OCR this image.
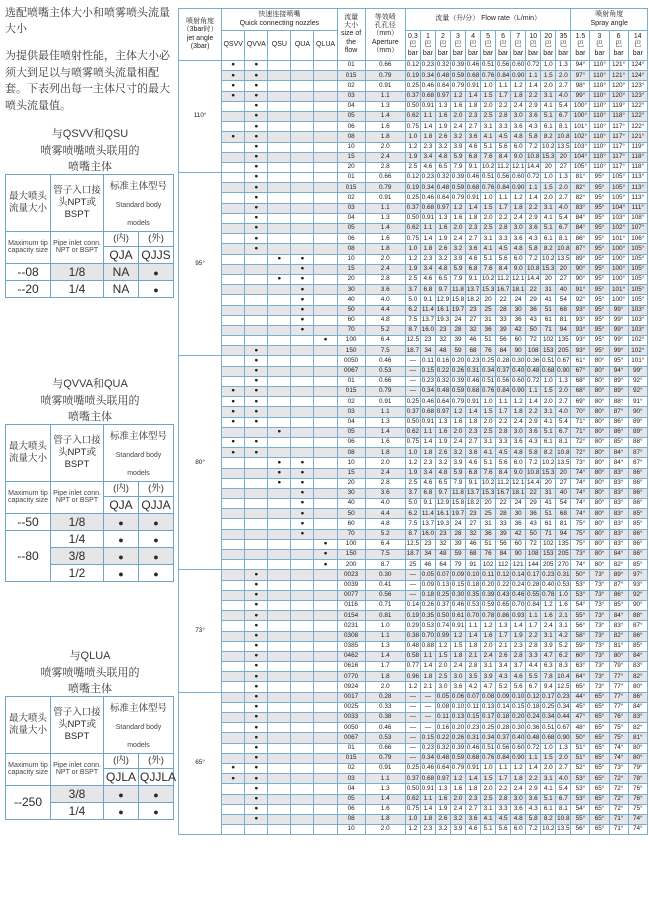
选配喷嘴主体大小和喷雾喷头流量大小
为提供最佳喷射性能，主体大小必须大到足以与喷雾喷头流量相配套。下表列出每一主体尺寸的最大喷头流量值。
与QSVV和QSU
喷雾喷嘴喷头联用的
喷嘴主体
最大喷头流量大小	管子入口接头NPT或BSPT	标准主体型号
Standard body models	
Maximum tip capacity size	Pipe inlet conn. NPT or BSPT	(内)	(外)
		QJA	QJJS
--08	1/8	NA	●
--20	1/4	NA	●
与QVVA和QUA
喷雾喷嘴喷头联用的
喷嘴主体
最大喷头流量大小	管子入口接头NPT或BSPT	标准主体型号
Standard body models	
Maximum tip capacity size	Pipe inlet conn. NPT or BSPT	(内)	(外)
		QJA	QJJA
--50	1/8	●	●
--80	1/4	●	●
	3/8	●	●
	1/2	●	●
与QLUA
喷雾喷嘴喷头联用的
喷嘴主体
最大喷头流量大小	管子入口接头NPT或BSPT	标准主体型号
Standard body models	
Maximum tip capacity size	Pipe inlet conn. NPT or BSPT	(内)	(外)
		QJLA	QJJLA
--250	3/8	●	●
	1/4	●	●
喷射角度
（3bar时）
jet angle
(3bar)	快速连接喷嘴
Quick connecting nozzles					流量
大小
size of
the
flow	等效喷
孔孔径
（mm）
Aperture
（mm）	流量（升/分） Flow rate（L/min）											喷射角度
Spray angle			
	QSVV	QVVA	QSU	QUA	QLUA			0.3
巴
bar	1
巴
bar	2
巴
bar	3
巴
bar	4
巴
bar	5
巴
bar	6
巴
bar	7
巴
bar	10
巴
bar	20
巴
bar	35
巴
bar	1.5
巴
bar	3
巴
bar	6
巴
bar	14
巴
bar
110°	●	●				01	0.66	0.12	0.23	0.32	0.39	0.46	0.51	0.56	0.60	0.72	1.0	1.3	94°	110°	121°	124°
	●	●				015	0.79	0.19	0.34	0.48	0.59	0.68	0.76	0.84	0.90	1.1	1.5	2.0	97°	110°	121°	124°
	●	●				02	0.91	0.25	0.46	0.64	0.79	0.91	1.0	1.1	1.2	1.4	2.0	2.7	98°	110°	120°	123°
	●	●				03	1.1	0.37	0.68	0.97	1.2	1.4	1.5	1.7	1.8	2.2	3.1	4.0	99°	110°	120°	123°
		●				04	1.3	0.50	0.91	1.3	1.6	1.8	2.0	2.2	2.4	2.9	4.1	5.4	100°	110°	119°	122°
		●				05	1.4	0.62	1.1	1.6	2.0	2.3	2.5	2.8	3.0	3.6	5.1	6.7	100°	110°	118°	122°
		●				06	1.6	0.75	1.4	1.9	2.4	2.7	3.1	3.3	3.6	4.3	6.1	8.1	101°	110°	117°	122°
	●	●				08	1.8	1.0	1.8	2.6	3.2	3.6	4.1	4.5	4.8	5.8	8.2	10.8	102°	110°	117°	121°
		●				10	2.0	1.2	2.3	3.2	3.9	4.6	5.1	5.6	6.0	7.2	10.2	13.5	103°	110°	117°	119°
		●				15	2.4	1.9	3.4	4.8	5.9	6.8	7.6	8.4	9.0	10.8	15.3	20	104°	110°	117°	118°
		●				20	2.8	2.5	4.6	6.5	7.9	9.1	10.2	11.2	12.1	14.4	20	27	105°	110°	117°	118°
95°		●				01	0.66	0.12	0.23	0.32	0.39	0.46	0.51	0.56	0.60	0.72	1.0	1.3	81°	95°	105°	113°
		●				015	0.79	0.19	0.34	0.48	0.59	0.68	0.76	0.84	0.90	1.1	1.5	2.0	82°	95°	105°	113°
		●				02	0.91	0.25	0.46	0.64	0.79	0.91	1.0	1.1	1.2	1.4	2.0	2.7	82°	95°	105°	113°
		●				03	1.1	0.37	0.68	0.97	1.2	1.4	1.5	1.7	1.8	2.2	3.1	4.0	83°	95°	104°	111°
		●				04	1.3	0.50	0.91	1.3	1.6	1.8	2.0	2.2	2.4	2.9	4.1	5.4	84°	95°	103°	108°
		●				05	1.4	0.62	1.1	1.6	2.0	2.3	2.5	2.8	3.0	3.6	5.1	6.7	84°	95°	102°	107°
		●				06	1.6	0.75	1.4	1.9	2.4	2.7	3.1	3.3	3.6	4.3	6.1	8.1	86°	95°	101°	106°
		●				08	1.8	1.0	1.8	2.6	3.2	3.6	4.1	4.5	4.8	5.8	8.2	10.8	87°	95°	100°	105°
			●	●		10	2.0	1.2	2.3	3.2	3.9	4.6	5.1	5.6	6.0	7.2	10.2	13.5	89°	95°	100°	105°
				●		15	2.4	1.9	3.4	4.8	5.9	6.8	7.6	8.4	9.0	10.8	15.3	20	90°	95°	100°	105°
			●	●		20	2.8	2.5	4.6	6.5	7.9	9.1	10.2	11.2	12.1	14.4	20	27	90°	95°	100°	105°
				●		30	3.6	3.7	6.8	9.7	11.8	13.7	15.3	16.7	18.1	22	31	40	91°	95°	101°	105°
				●		40	4.0	5.0	9.1	12.9	15.8	18.2	20	22	24	29	41	54	92°	95°	100°	105°
				●		50	4.4	6.2	11.4	16.1	19.7	23	25	28	30	36	51	68	93°	95°	99°	103°
				●		60	4.8	7.5	13.7	19.3	24	27	31	33	36	43	61	81	93°	95°	99°	103°
				●		70	5.2	8.7	16.0	23	28	32	36	39	42	50	71	94	93°	95°	99°	103°
					●	100	6.4	12.5	23	32	39	46	51	56	60	72	102	135	93°	95°	99°	102°
		●				150	7.5	18.7	34	48	59	68	76	84	90	108	153	205	93°	95°	99°	102°
80°		●				0050	0.46	—	0.11	0.16	0.20	0.23	0.25	0.28	0.30	0.36	0.51	0.67	61°	80°	95°	101°
		●				0067	0.53	—	0.15	0.22	0.26	0.31	0.34	0.37	0.40	0.48	0.68	0.90	67°	80°	94°	99°
		●				01	0.66	—	0.23	0.32	0.39	0.46	0.51	0.56	0.60	0.72	1.0	1.3	68°	80°	89°	92°
	●	●				015	0.79	—	0.34	0.48	0.59	0.68	0.76	0.84	0.90	1.1	1.5	2.0	68°	80°	89°	92°
	●	●				02	0.91	0.25	0.46	0.64	0.79	0.91	1.0	1.1	1.2	1.4	2.0	2.7	69°	80°	88°	91°
	●	●				03	1.1	0.37	0.68	0.97	1.2	1.4	1.5	1.7	1.8	2.2	3.1	4.0	70°	80°	87°	90°
	●	●				04	1.3	0.50	0.91	1.3	1.6	1.8	2.0	2.2	2.4	2.9	4.1	5.4	71°	80°	86°	89°
			●			05	1.4	0.62	1.1	1.6	2.0	2.3	2.5	2.8	3.0	3.6	5.1	6.7	71°	80°	86°	89°
	●	●				06	1.6	0.75	1.4	1.9	2.4	2.7	3.1	3.3	3.6	4.3	6.1	8.1	72°	80°	85°	88°
	●	●				08	1.8	1.0	1.8	2.6	3.2	3.6	4.1	4.5	4.8	5.8	8.2	10.8	72°	80°	84°	87°
			●	●		10	2.0	1.2	2.3	3.2	3.9	4.6	5.1	5.6	6.0	7.2	10.2	13.5	73°	80°	84°	87°
			●	●		15	2.4	1.9	3.4	4.8	5.9	6.8	7.6	8.4	9.0	10.8	15.3	20	74°	80°	83°	86°
			●	●		20	2.8	2.5	4.6	6.5	7.9	9.1	10.2	11.2	12.1	14.4	20	27	74°	80°	83°	86°
				●		30	3.6	3.7	6.8	9.7	11.8	13.7	15.3	16.7	18.1	22	31	40	74°	80°	83°	86°
				●		40	4.0	5.0	9.1	12.9	15.8	18.2	20	22	24	29	41	54	74°	80°	83°	86°
				●		50	4.4	6.2	11.4	16.1	19.7	23	25	28	30	36	51	68	74°	80°	83°	85°
				●		60	4.8	7.5	13.7	19.3	24	27	31	33	36	43	61	81	75°	80°	83°	85°
				●		70	5.2	8.7	16.0	23	28	32	36	39	42	50	71	94	75°	80°	83°	86°
					●	100	6.4	12.5	23	32	39	46	51	56	60	72	102	135	75°	80°	83°	86°
					●	150	7.5	18.7	34	48	59	68	76	84	90	108	153	205	73°	80°	84°	86°
					●	200	8.7	25	46	64	79	91	102	112	121	144	205	270	74°	80°	82°	85°
73°		●				0023	0.30	—	0.05	0.07	0.09	0.10	0.11	0.12	0.14	0.17	0.23	0.31	50°	73°	89°	97°
		●				0039	0.41	—	0.09	0.13	0.15	0.18	0.20	0.22	0.24	0.28	0.40	0.53	53°	73°	87°	93°
		●				0077	0.56	—	0.18	0.25	0.30	0.35	0.39	0.43	0.46	0.55	0.78	1.0	53°	73°	86°	92°
		●				0116	0.71	0.14	0.26	0.37	0.46	0.53	0.59	0.65	0.70	0.84	1.2	1.6	54°	73°	85°	90°
		●				0154	0.81	0.19	0.35	0.50	0.61	0.70	0.78	0.86	0.93	1.1	1.6	2.1	55°	73°	84°	88°
		●				0231	1.0	0.29	0.53	0.74	0.91	1.1	1.2	1.3	1.4	1.7	2.4	3.1	56°	73°	83°	87°
		●				0308	1.1	0.38	0.70	0.99	1.2	1.4	1.6	1.7	1.9	2.2	3.1	4.2	58°	73°	82°	86°
		●				0385	1.3	0.48	0.88	1.2	1.5	1.8	2.0	2.1	2.3	2.8	3.9	5.2	59°	73°	81°	85°
		●				0462	1.4	0.58	1.1	1.5	1.8	2.1	2.4	2.6	2.8	3.3	4.7	6.2	60°	73°	80°	84°
		●				0616	1.7	0.77	1.4	2.0	2.4	2.8	3.1	3.4	3.7	4.4	6.3	8.3	63°	73°	79°	83°
		●				0770	1.8	0.96	1.8	2.5	3.0	3.5	3.9	4.3	4.6	5.5	7.8	10.4	64°	73°	77°	82°
		●				0924	2.0	1.2	2.1	3.0	3.6	4.2	4.7	5.2	5.6	6.7	9.4	12.5	65°	73°	77°	80°
65°		●				0017	0.28	—	—	0.05	0.06	0.07	0.08	0.09	0.10	0.12	0.17	0.23	44°	65°	77°	86°
		●				0025	0.33	—	—	0.08	0.10	0.11	0.13	0.14	0.15	0.18	0.25	0.34	45°	65°	77°	84°
		●				0033	0.38	—	—	0.11	0.13	0.15	0.17	0.18	0.20	0.24	0.34	0.44	47°	65°	76°	83°
		●				0050	0.46	—	—	0.16	0.20	0.23	0.25	0.28	0.30	0.36	0.51	0.67	48°	65°	75°	82°
		●				0067	0.53	—	0.15	0.22	0.26	0.31	0.34	0.37	0.40	0.48	0.68	0.90	50°	65°	75°	81°
		●				01	0.66	—	0.23	0.32	0.39	0.46	0.51	0.56	0.60	0.72	1.0	1.3	51°	65°	74°	80°
		●				015	0.79	—	0.34	0.48	0.59	0.68	0.76	0.84	0.90	1.1	1.5	2.0	51°	65°	74°	80°
	●	●				02	0.91	0.25	0.46	0.64	0.79	0.91	1.0	1.1	1.2	1.4	2.0	2.7	52°	65°	73°	79°
	●	●				03	1.1	0.37	0.68	0.97	1.2	1.4	1.5	1.7	1.8	2.2	3.1	4.0	53°	65°	72°	78°
		●				04	1.3	0.50	0.91	1.3	1.6	1.8	2.0	2.2	2.4	2.9	4.1	5.4	53°	65°	72°	76°
		●				05	1.4	0.62	1.1	1.6	2.0	2.3	2.5	2.8	3.0	3.6	5.1	6.7	53°	65°	72°	76°
		●				06	1.6	0.75	1.4	1.9	2.4	2.7	3.1	3.3	3.6	4.3	6.1	8.1	54°	65°	72°	75°
		●				08	1.8	1.0	1.8	2.6	3.2	3.6	4.1	4.5	4.8	5.8	8.2	10.8	55°	65°	71°	74°
						10	2.0	1.2	2.3	3.2	3.9	4.6	5.1	5.6	6.0	7.2	10.2	13.5	56°	65°	71°	74°
